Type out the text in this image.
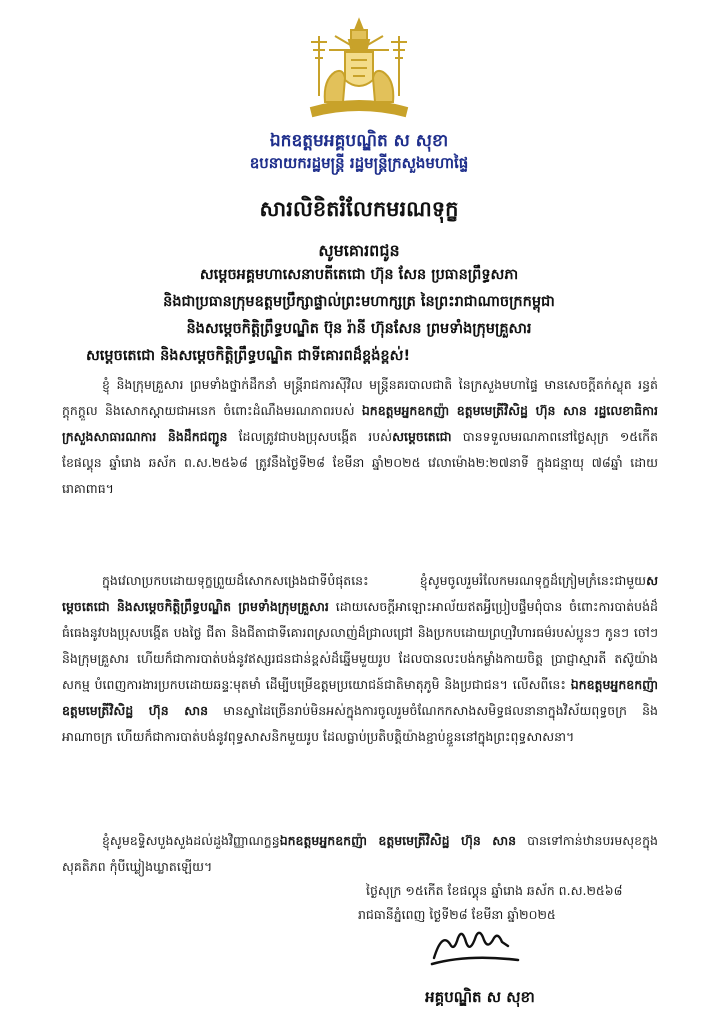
ឯកឧត្តមអគ្គបណ្ឌិត ស សុខា
ឧបនាយករដ្ឋមន្ត្រី រដ្ឋមន្ត្រីក្រសួងមហាផ្ទៃ
សារលិខិតរំលែកមរណទុក្ខ
សូមគោរពជូន
សម្តេចអគ្គមហាសេនាបតីតេជោ ហ៊ុន សែន ប្រធានព្រឹទ្ធសភា
និងជាប្រធានក្រុមឧត្តមប្រឹក្សាផ្ទាល់ព្រះមហាក្សត្រ នៃព្រះរាជាណាចក្រកម្ពុជា
និងសម្តេចកិត្តិព្រឹទ្ធបណ្ឌិត ប៊ុន រ៉ានី ហ៊ុនសែន ព្រមទាំងក្រុមគ្រួសារ
សម្តេចតេជោ និងសម្តេចកិត្តិព្រឹទ្ធបណ្ឌិត ជាទីគោរពដ៏ខ្ពង់ខ្ពស់!
ខ្ញុំ និងក្រុមគ្រួសារ ព្រមទាំងថ្នាក់ដឹកនាំ មន្ត្រីរាជការស៊ីវិល មន្ត្រីនគរបាលជាតិ នៃក្រសួងមហាផ្ទៃ មានសេចក្តីតក់ស្លុត រន្ធត់ក្តុកក្តួល និងសោកស្តាយជាអនេក ចំពោះដំណឹងមរណភាពរបស់ ឯកឧត្តមអ្នកឧកញ៉ា ឧត្តមមេត្រីវិសិដ្ឋ ហ៊ុន សាន រដ្ឋលេខាធិការក្រសួងសាធារណការ និងដឹកជញ្ជូន ដែលត្រូវជាបងប្រុសបង្កើត របស់សម្តេចតេជោ បានទទួលមរណភាពនៅថ្ងៃសុក្រ ១៥កើត ខែផល្គុន ឆ្នាំរោង ឆស័ក ព.ស.២៥៦៨ ត្រូវនឹងថ្ងៃទី២៨ ខែមីនា ឆ្នាំ២០២៥ វេលាម៉ោង២:២៧នាទី ក្នុងជន្មាយុ ៧៨ឆ្នាំ ដោយរោគាពាធ។
ក្នុងវេលាប្រកបដោយទុក្ខព្រួយដ៏សោកសង្រេងជាទីបំផុតនេះ ខ្ញុំសូមចូលរួមរំលែកមរណទុក្ខដ៏ក្រៀមក្រំនេះជាមួយសម្តេចតេជោ និងសម្តេចកិត្តិព្រឹទ្ធបណ្ឌិត ព្រមទាំងក្រុមគ្រួសារ ដោយសេចក្តីអាឡោះអាល័យឥតអ្វីប្រៀបផ្ទឹមពុំបាន ចំពោះការបាត់បង់ដ៏ធំធេងនូវបងប្រុសបង្កើត បងថ្លៃ ជីតា និងជីតាជាទីគោរពស្រលាញ់ដ៏ជ្រាលជ្រៅ និងប្រកបដោយព្រហ្មវិហារធម៌របស់ប្អូនៗ កូនៗ ចៅៗ និងក្រុមគ្រួសារ ហើយក៏ជាការបាត់បង់នូវឥស្សរជនជាន់ខ្ពស់ដ៏ឆ្នើមមួយរូប ដែលបានលះបង់កម្លាំងកាយចិត្ត ប្រាជ្ញាស្មារតី តស៊ូយ៉ាងសកម្ម បំពេញការងារប្រកបដោយឆន្ទៈមុតមាំ ដើម្បីបម្រើឧត្តមប្រយោជន៍ជាតិមាតុភូមិ និងប្រជាជន។ លើសពីនេះ ឯកឧត្តមអ្នកឧកញ៉ា ឧត្តមមេត្រីវិសិដ្ឋ ហ៊ុន សាន មានស្នាដៃច្រើនរាប់មិនអស់ក្នុងការចូលរួមចំណែកកសាងសមិទ្ធផលនានាក្នុងវិស័យពុទ្ធចក្រ និងអាណាចក្រ ហើយក៏ជាការបាត់បង់នូវពុទ្ធសាសនិកមួយរូប ដែលធ្លាប់ប្រតិបត្តិយ៉ាងខ្ជាប់ខ្ជួននៅក្នុងព្រះពុទ្ធសាសនា។
ខ្ញុំសូមឧទ្ទិសបួងសួងដល់ដួងវិញ្ញាណក្ខន្ធឯកឧត្តមអ្នកឧកញ៉ា ឧត្តមមេត្រីវិសិដ្ឋ ហ៊ុន សាន បានទៅកាន់ឋានបរមសុខក្នុងសុគតិភព កុំបីឃ្លៀងឃ្លាតឡើយ។
ថ្ងៃសុក្រ ១៥កើត ខែផល្គុន ឆ្នាំរោង ឆស័ក ព.ស.២៥៦៨
រាជធានីភ្នំពេញ ថ្ងៃទី២៨ ខែមីនា ឆ្នាំ២០២៥
អគ្គបណ្ឌិត ស សុខា
